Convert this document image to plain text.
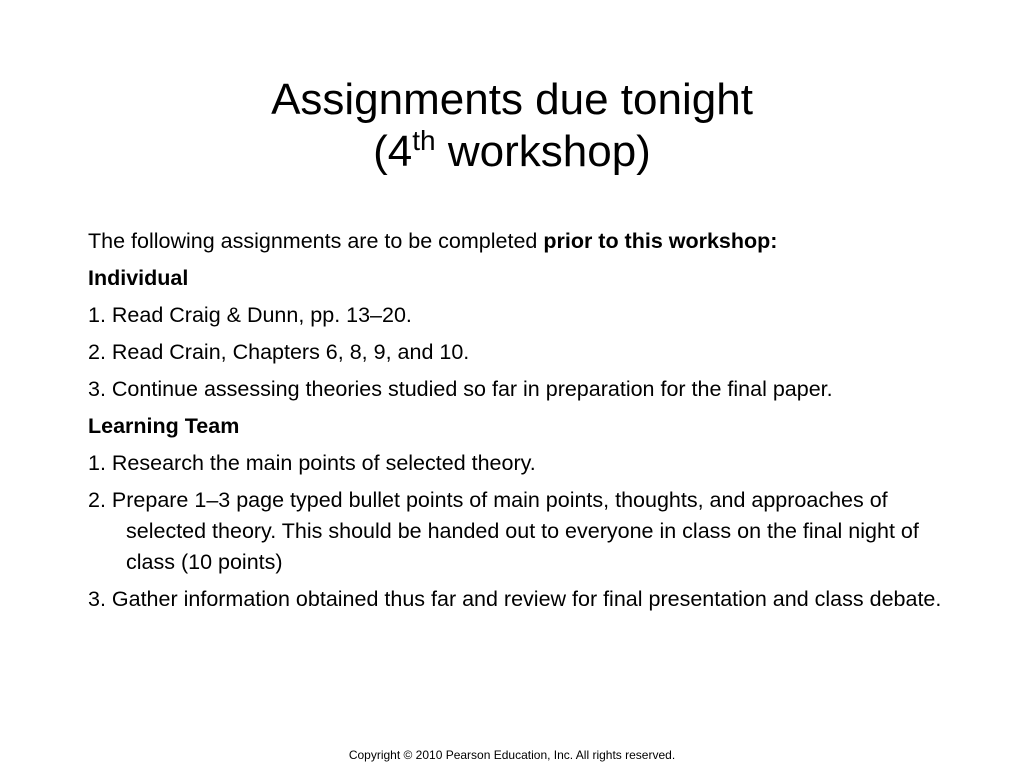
Assignments due tonight
(4th workshop)

The following assignments are to be completed prior to this workshop:

Individual

1. Read Craig & Dunn, pp. 13–20.

2. Read Crain, Chapters 6, 8, 9, and 10.

3. Continue assessing theories studied so far in preparation for the final paper.

Learning Team

1. Research the main points of selected theory.

2. Prepare 1–3 page typed bullet points of main points, thoughts, and approaches of selected theory. This should be handed out to everyone in class on the final night of class (10 points)

3. Gather information obtained thus far and review for final presentation and class debate.

Copyright © 2010 Pearson Education, Inc. All rights reserved.
